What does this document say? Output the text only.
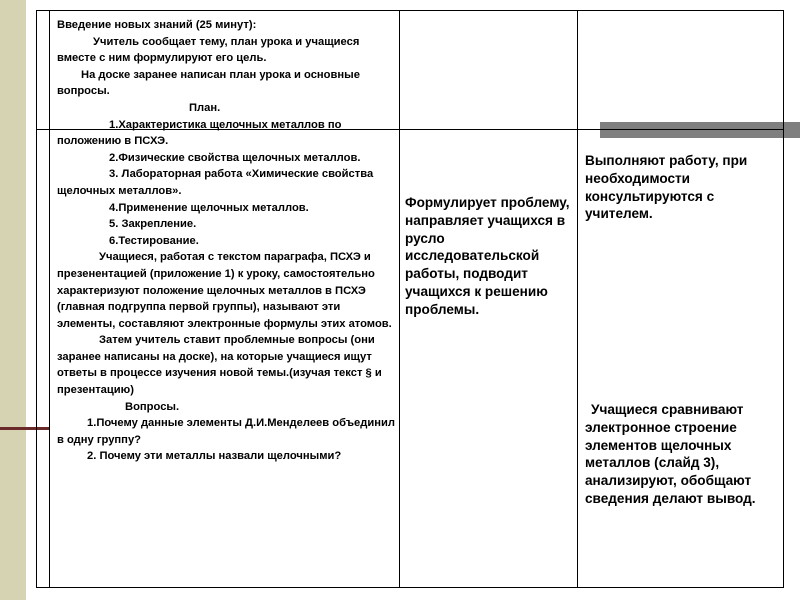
Введение новых знаний (25 минут):

Учитель сообщает тему, план урока и учащиеся вместе с ним формулируют его цель.

На доске заранее написан план урока и основные вопросы.

План.

1.Характеристика щелочных металлов по положению в ПСХЭ.

2.Физические свойства щелочных металлов.

3. Лабораторная работа «Химические свойства щелочных металлов».

4.Применение щелочных металлов.

5. Закрепление.

6.Тестирование.

Учащиеся, работая с текстом параграфа, ПСХЭ и презенентацией (приложение 1) к уроку, самостоятельно характеризуют положение щелочных металлов в ПСХЭ (главная подгруппа первой группы), называют эти элементы, составляют электронные формулы этих атомов.

Затем учитель ставит проблемные вопросы (они заранее написаны на доске), на которые учащиеся ищут ответы в процессе изучения новой темы.(изучая текст § и презентацию)

Вопросы.

1.Почему данные элементы Д.И.Менделеев объединил в одну группу?

2. Почему эти металлы назвали щелочными?

Формулирует проблему, направляет учащихся в русло исследовательской работы, подводит учащихся к решению проблемы.

Выполняют работу, при необходимости консультируются с учителем.

Учащиеся сравнивают электронное строение элементов щелочных металлов (слайд 3), анализируют, обобщают сведения делают вывод.
